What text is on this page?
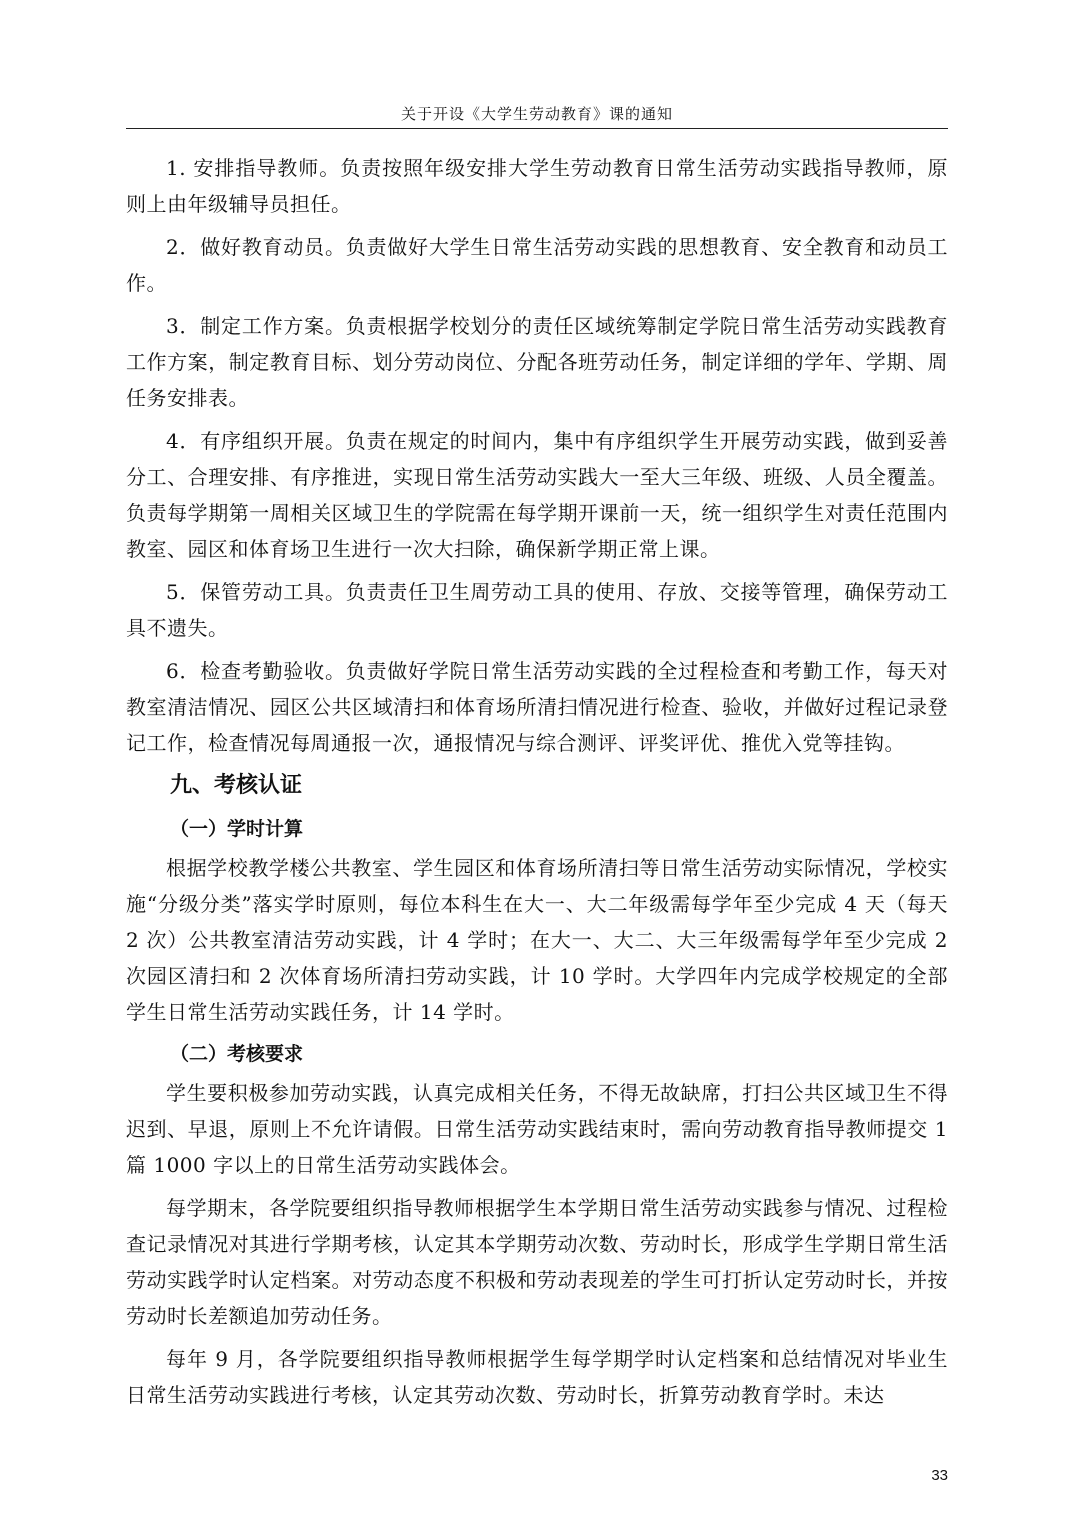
关于开设《大学生劳动教育》课的通知

1. 安排指导教师。负责按照年级安排大学生劳动教育日常生活劳动实践指导教师，原则上由年级辅导员担任。

2．做好教育动员。负责做好大学生日常生活劳动实践的思想教育、安全教育和动员工作。

3．制定工作方案。负责根据学校划分的责任区域统筹制定学院日常生活劳动实践教育工作方案，制定教育目标、划分劳动岗位、分配各班劳动任务，制定详细的学年、学期、周任务安排表。

4．有序组织开展。负责在规定的时间内，集中有序组织学生开展劳动实践，做到妥善分工、合理安排、有序推进，实现日常生活劳动实践大一至大三年级、班级、人员全覆盖。负责每学期第一周相关区域卫生的学院需在每学期开课前一天，统一组织学生对责任范围内教室、园区和体育场卫生进行一次大扫除，确保新学期正常上课。

5．保管劳动工具。负责责任卫生周劳动工具的使用、存放、交接等管理，确保劳动工具不遗失。

6．检查考勤验收。负责做好学院日常生活劳动实践的全过程检查和考勤工作，每天对教室清洁情况、园区公共区域清扫和体育场所清扫情况进行检查、验收，并做好过程记录登记工作，检查情况每周通报一次，通报情况与综合测评、评奖评优、推优入党等挂钩。

九、考核认证
（一）学时计算

根据学校教学楼公共教室、学生园区和体育场所清扫等日常生活劳动实际情况，学校实施“分级分类”落实学时原则，每位本科生在大一、大二年级需每学年至少完成 4 天（每天 2 次）公共教室清洁劳动实践，计 4 学时；在大一、大二、大三年级需每学年至少完成 2 次园区清扫和 2 次体育场所清扫劳动实践，计 10 学时。大学四年内完成学校规定的全部学生日常生活劳动实践任务，计 14 学时。

（二）考核要求

学生要积极参加劳动实践，认真完成相关任务，不得无故缺席，打扫公共区域卫生不得迟到、早退，原则上不允许请假。日常生活劳动实践结束时，需向劳动教育指导教师提交 1 篇 1000 字以上的日常生活劳动实践体会。

每学期末，各学院要组织指导教师根据学生本学期日常生活劳动实践参与情况、过程检查记录情况对其进行学期考核，认定其本学期劳动次数、劳动时长，形成学生学期日常生活劳动实践学时认定档案。对劳动态度不积极和劳动表现差的学生可打折认定劳动时长，并按劳动时长差额追加劳动任务。

每年 9 月，各学院要组织指导教师根据学生每学期学时认定档案和总结情况对毕业生日常生活劳动实践进行考核，认定其劳动次数、劳动时长，折算劳动教育学时。未达

33
